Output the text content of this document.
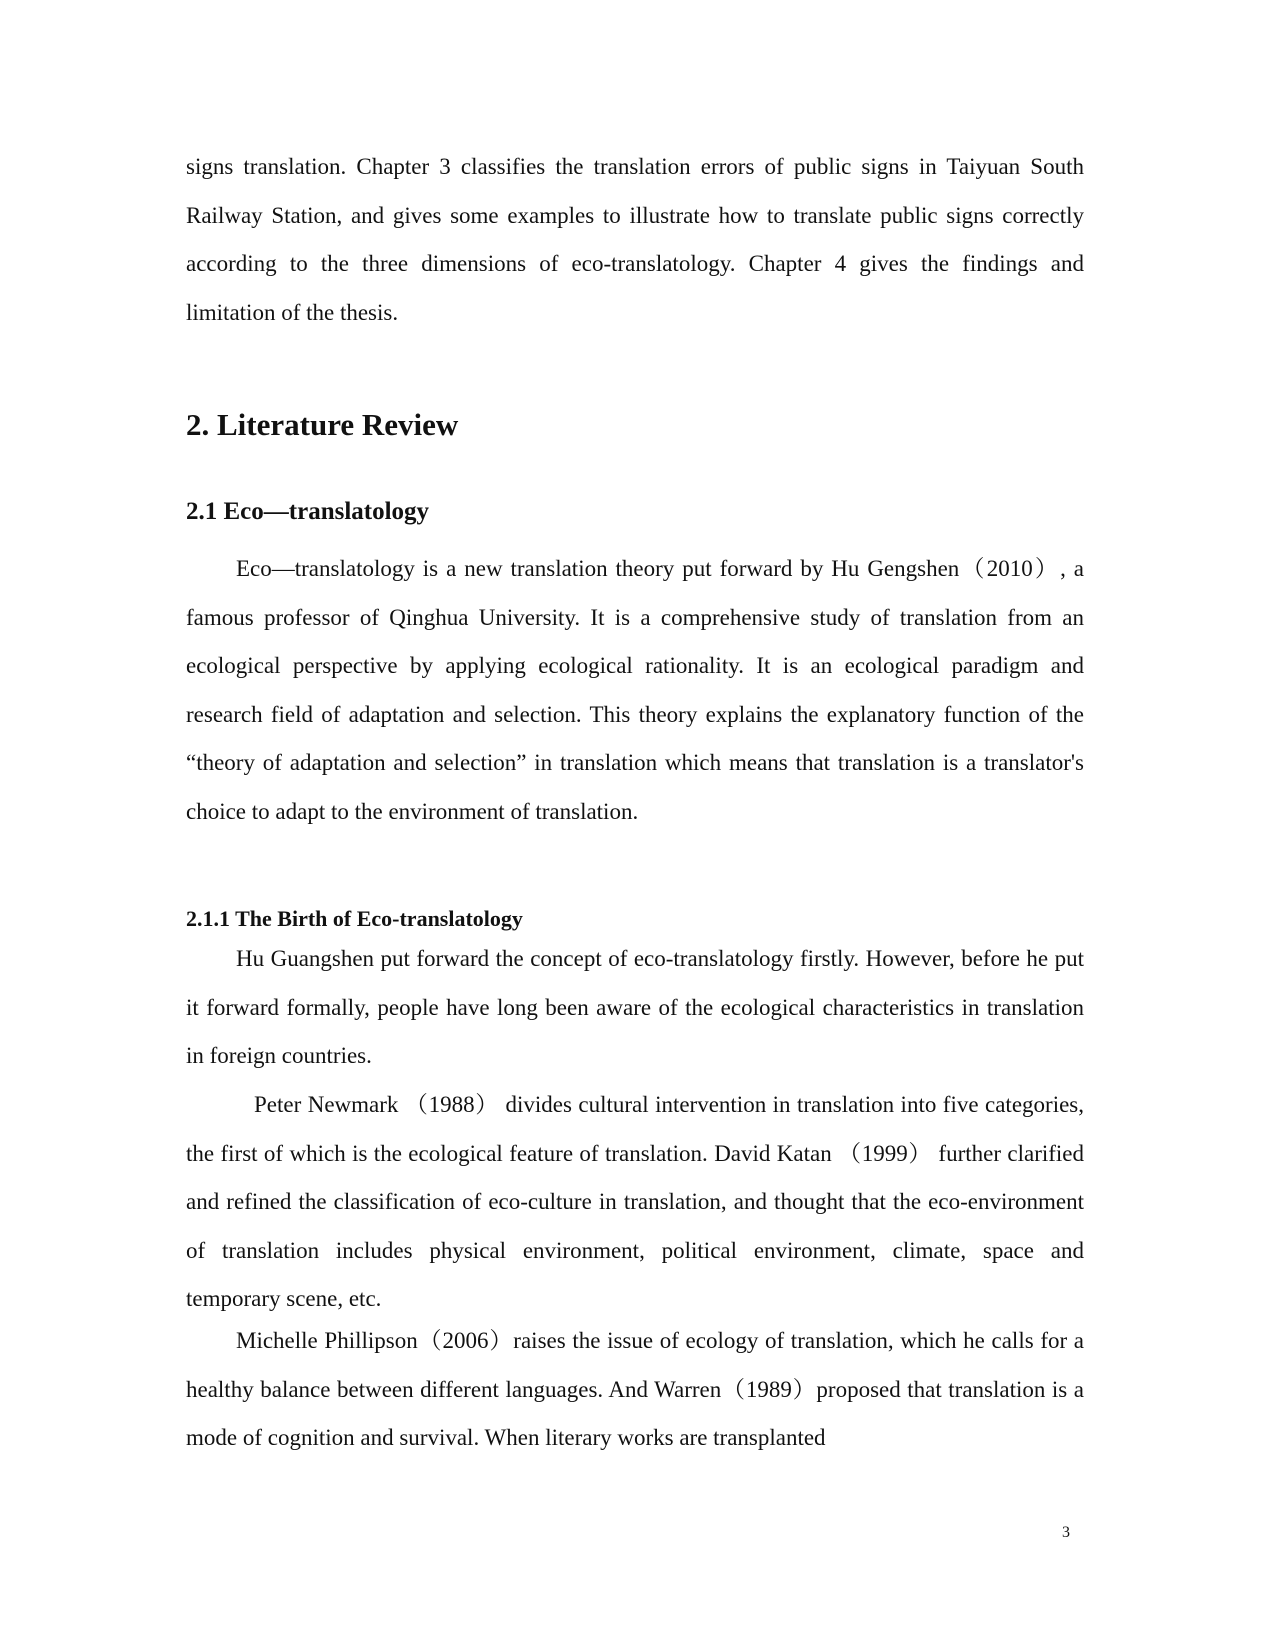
signs translation. Chapter 3 classifies the translation errors of public signs in Taiyuan South Railway Station, and gives some examples to illustrate how to translate public signs correctly according to the three dimensions of eco-translatology. Chapter 4 gives the findings and limitation of the thesis.

2. Literature Review
2.1 Eco—translatology

Eco—translatology is a new translation theory put forward by Hu Gengshen（2010）, a famous professor of Qinghua University. It is a comprehensive study of translation from an ecological perspective by applying ecological rationality. It is an ecological paradigm and research field of adaptation and selection. This theory explains the explanatory function of the “theory of adaptation and selection” in translation which means that translation is a translator's choice to adapt to the environment of translation.

2.1.1 The Birth of Eco-translatology

Hu Guangshen put forward the concept of eco-translatology firstly. However, before he put it forward formally, people have long been aware of the ecological characteristics in translation in foreign countries.

Peter Newmark （1988） divides cultural intervention in translation into five categories, the first of which is the ecological feature of translation. David Katan （1999） further clarified and refined the classification of eco-culture in translation, and thought that the eco-environment of translation includes physical environment, political environment, climate, space and temporary scene, etc.

Michelle Phillipson（2006）raises the issue of ecology of translation, which he calls for a healthy balance between different languages. And Warren（1989）proposed that translation is a mode of cognition and survival. When literary works are transplanted

3
